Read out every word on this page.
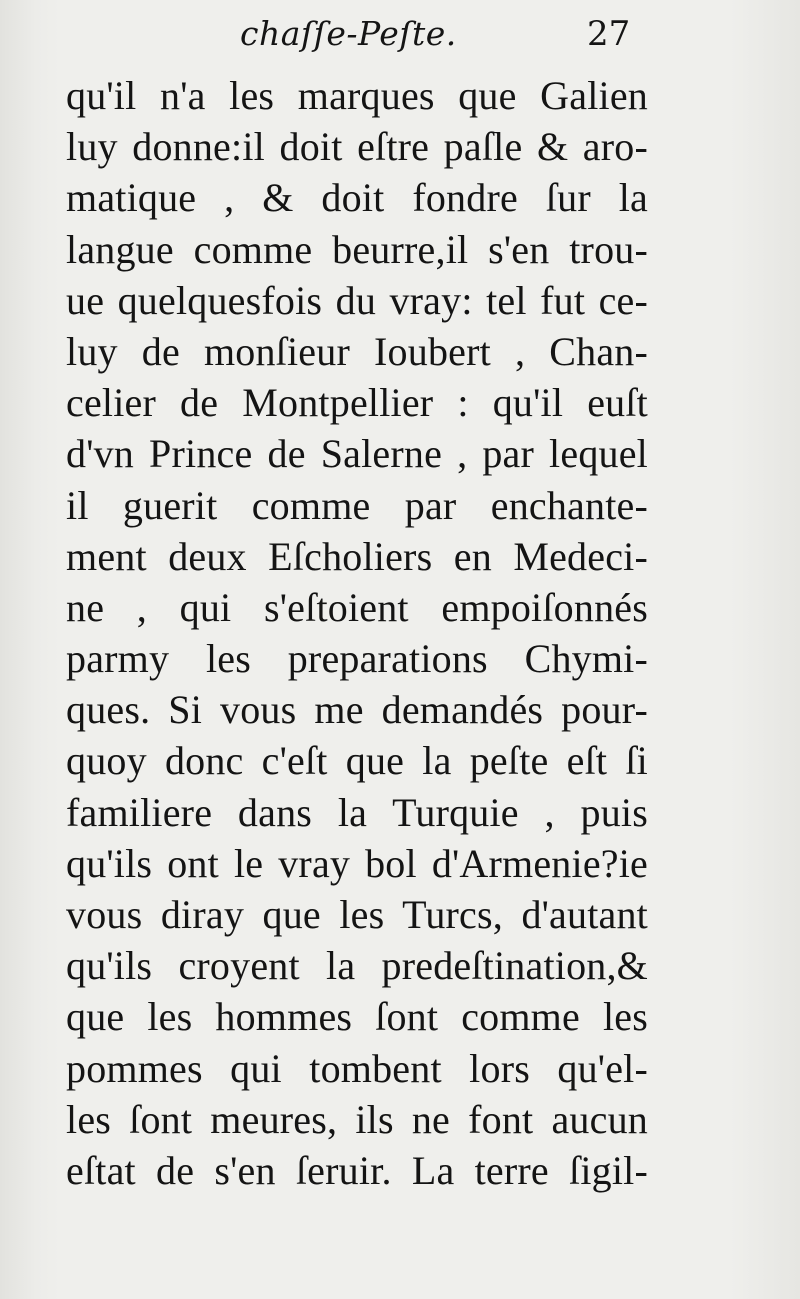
chaſſe-Peſte.	27
qu'il n'a les marques que Galien
luy donne:il doit eſtre paſle & aro-
matique , & doit fondre ſur la
langue comme beurre,il s'en trou-
ue quelquesfois du vray: tel fut ce-
luy de monſieur Ioubert , Chan-
celier de Montpellier : qu'il euſt
d'vn Prince de Salerne , par lequel
il guerit comme par enchante-
ment deux Eſcholiers en Medeci-
ne , qui s'eſtoient empoiſonnés
parmy les preparations Chymi-
ques. Si vous me demandés pour-
quoy donc c'eſt que la peſte eſt ſi
familiere dans la Turquie , puis
qu'ils ont le vray bol d'Armenie?ie
vous diray que les Turcs, d'autant
qu'ils croyent la predeſtination,&
que les hommes ſont comme les
pommes qui tombent lors qu'el-
les ſont meures, ils ne font aucun
eſtat de s'en ſeruir. La terre ſigil-
